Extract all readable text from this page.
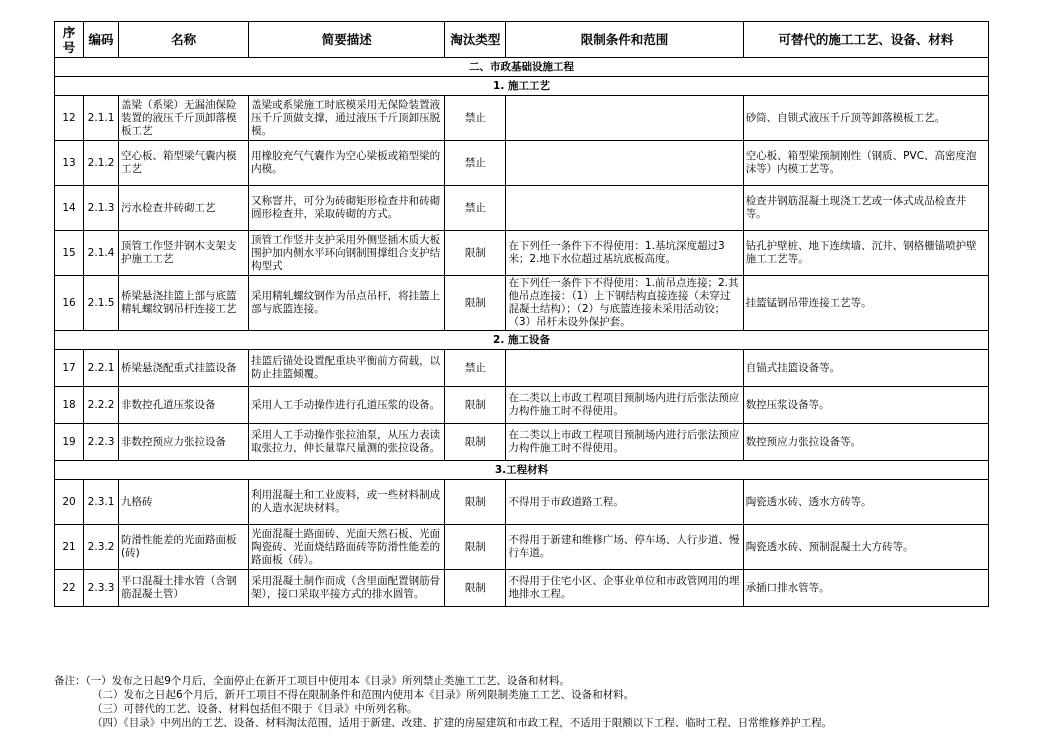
序号	编码	名称	简要描述	淘汰类型	限制条件和范围	可替代的施工工艺、设备、材料
二、市政基础设施工程						
1. 施工工艺						
12	2.1.1	盖梁（系梁）无漏油保险装置的液压千斤顶卸落模板工艺	盖梁或系梁施工时底模采用无保险装置液压千斤顶做支撑，通过液压千斤顶卸压脱模。	禁止		砂筒、自锁式液压千斤顶等卸落模板工艺。
13	2.1.2	空心板、箱型梁气囊内模工艺	用橡胶充气气囊作为空心梁板或箱型梁的内模。	禁止		空心板、箱型梁预制刚性（钢质、PVC、高密度泡沫等）内模工艺等。
14	2.1.3	污水检查井砖砌工艺	又称窨井，可分为砖砌矩形检查井和砖砌圆形检查井，采取砖砌的方式。	禁止		检查井钢筋混凝土现浇工艺或一体式成品检查井等。
15	2.1.4	顶管工作竖井钢木支架支护施工工艺	顶管工作竖井支护采用外侧竖插木质大板围护加内侧水平环向钢制围撑组合支护结构型式	限制	在下列任一条件下不得使用：1.基坑深度超过3米；2.地下水位超过基坑底板高度。	钻孔护壁桩、地下连续墙、沉井、钢格栅锚喷护壁施工工艺等。
16	2.1.5	桥梁悬浇挂篮上部与底篮精轧螺纹钢吊杆连接工艺	采用精轧螺纹钢作为吊点吊杆，将挂篮上部与底篮连接。	限制	在下列任一条件下不得使用：1.前吊点连接；2.其他吊点连接：（1）上下钢结构直接连接（未穿过混凝土结构）；（2）与底篮连接未采用活动铰；（3）吊杆未设外保护套。	挂篮锰钢吊带连接工艺等。
2. 施工设备						
17	2.2.1	桥梁悬浇配重式挂篮设备	挂篮后锚处设置配重块平衡前方荷载，以防止挂篮倾覆。	禁止		自锚式挂篮设备等。
18	2.2.2	非数控孔道压浆设备	采用人工手动操作进行孔道压浆的设备。	限制	在二类以上市政工程项目预制场内进行后张法预应力构件施工时不得使用。	数控压浆设备等。
19	2.2.3	非数控预应力张拉设备	采用人工手动操作张拉油泵，从压力表读取张拉力，伸长量靠尺量测的张拉设备。	限制	在二类以上市政工程项目预制场内进行后张法预应力构件施工时不得使用。	数控预应力张拉设备等。
3.工程材料						
20	2.3.1	九格砖	利用混凝土和工业废料，或一些材料制成的人造水泥块材料。	限制	不得用于市政道路工程。	陶瓷透水砖、透水方砖等。
21	2.3.2	防滑性能差的光面路面板(砖)	光面混凝土路面砖、光面天然石板、光面陶瓷砖、光面烧结路面砖等防滑性能差的路面板（砖）。	限制	不得用于新建和维修广场、停车场、人行步道、慢行车道。	陶瓷透水砖、预制混凝土大方砖等。
22	2.3.3	平口混凝土排水管（含钢筋混凝土管）	采用混凝土制作而成（含里面配置钢筋骨架），接口采取平接方式的排水圆管。	限制	不得用于住宅小区、企事业单位和市政管网用的埋地排水工程。	承插口排水管等。
备注：（一）发布之日起9个月后，全面停止在新开工项目中使用本《目录》所列禁止类施工工艺、设备和材料。
（二）发布之日起6个月后，新开工项目不得在限制条件和范围内使用本《目录》所列限制类施工工艺、设备和材料。
（三）可替代的工艺、设备、材料包括但不限于《目录》中所列名称。
（四）《目录》中列出的工艺、设备、材料淘汰范围，适用于新建、改建、扩建的房屋建筑和市政工程，不适用于限额以下工程、临时工程、日常维修养护工程。
